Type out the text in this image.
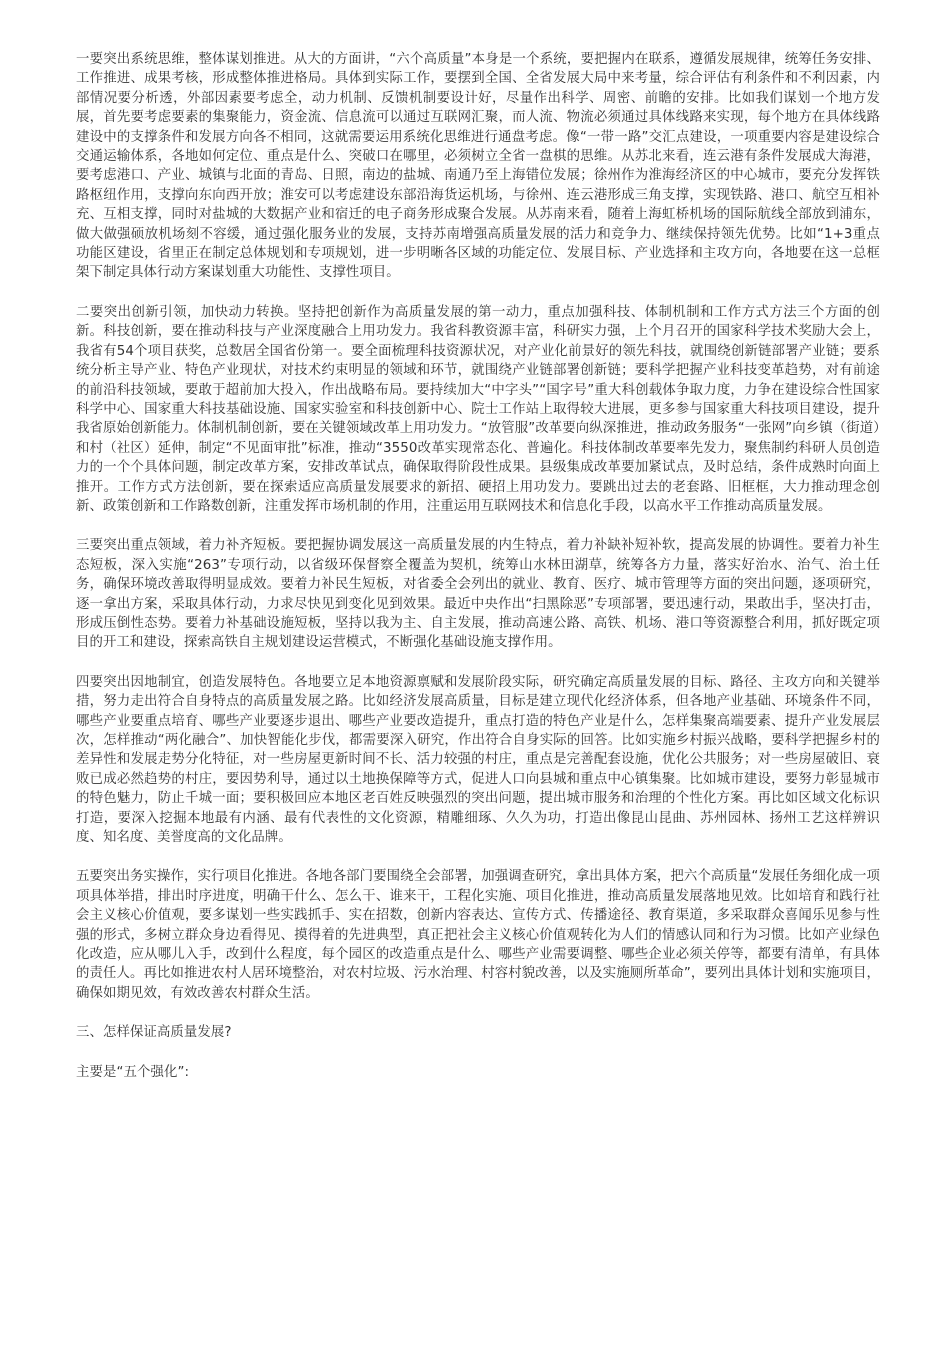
一要突出系统思维，整体谋划推进。从大的方面讲，“六个高质量”本身是一个系统，要把握内在联系，遵循发展规律，统筹任务安排、工作推进、成果考核，形成整体推进格局。具体到实际工作，要摆到全国、全省发展大局中来考量，综合评估有利条件和不利因素，内部情况要分析透，外部因素要考虑全，动力机制、反馈机制要设计好，尽量作出科学、周密、前瞻的安排。比如我们谋划一个地方发展，首先要考虑要素的集聚能力，资金流、信息流可以通过互联网汇聚，而人流、物流必须通过具体线路来实现，每个地方在具体线路建设中的支撑条件和发展方向各不相同，这就需要运用系统化思维进行通盘考虑。像“一带一路”交汇点建设，一项重要内容是建设综合交通运输体系，各地如何定位、重点是什么、突破口在哪里，必须树立全省一盘棋的思维。从苏北来看，连云港有条件发展成大海港，要考虑港口、产业、城镇与北面的青岛、日照，南边的盐城、南通乃至上海错位发展；徐州作为淮海经济区的中心城市，要充分发挥铁路枢纽作用，支撑向东向西开放；淮安可以考虑建设东部沿海货运机场，与徐州、连云港形成三角支撑，实现铁路、港口、航空互相补充、互相支撑，同时对盐城的大数据产业和宿迁的电子商务形成聚合发展。从苏南来看，随着上海虹桥机场的国际航线全部放到浦东，做大做强硕放机场刻不容缓，通过强化服务业的发展，支持苏南增强高质量发展的活力和竞争力、继续保持领先优势。比如“1+3重点功能区建设，省里正在制定总体规划和专项规划，进一步明晰各区域的功能定位、发展目标、产业选择和主攻方向，各地要在这一总框架下制定具体行动方案谋划重大功能性、支撑性项目。

二要突出创新引领，加快动力转换。坚持把创新作为高质量发展的第一动力，重点加强科技、体制机制和工作方式方法三个方面的创新。科技创新，要在推动科技与产业深度融合上用功发力。我省科教资源丰富，科研实力强，上个月召开的国家科学技术奖励大会上，我省有54个项目获奖，总数居全国省份第一。要全面梳理科技资源状况，对产业化前景好的领先科技，就围绕创新链部署产业链；要系统分析主导产业、特色产业现状，对技术约束明显的领域和环节，就围绕产业链部署创新链；要科学把握产业科技变革趋势，对有前途的前沿科技领域，要敢于超前加大投入，作出战略布局。要持续加大“中字头”“国字号”重大科创载体争取力度，力争在建设综合性国家科学中心、国家重大科技基础设施、国家实验室和科技创新中心、院士工作站上取得较大进展，更多参与国家重大科技项目建设，提升我省原始创新能力。体制机制创新，要在关键领域改革上用功发力。“放管服”改革要向纵深推进，推动政务服务“一张网”向乡镇（街道）和村（社区）延伸，制定“不见面审批”标准，推动“3550改革实现常态化、普遍化。科技体制改革要率先发力，聚焦制约科研人员创造力的一个个具体问题，制定改革方案，安排改革试点，确保取得阶段性成果。县级集成改革要加紧试点，及时总结，条件成熟时向面上推开。工作方式方法创新，要在探索适应高质量发展要求的新招、硬招上用功发力。要跳出过去的老套路、旧框框，大力推动理念创新、政策创新和工作路数创新，注重发挥市场机制的作用，注重运用互联网技术和信息化手段，以高水平工作推动高质量发展。

三要突出重点领域，着力补齐短板。要把握协调发展这一高质量发展的内生特点，着力补缺补短补软，提高发展的协调性。要着力补生态短板，深入实施“263”专项行动，以省级环保督察全覆盖为契机，统筹山水林田湖草，统筹各方力量，落实好治水、治气、治土任务，确保环境改善取得明显成效。要着力补民生短板，对省委全会列出的就业、教育、医疗、城市管理等方面的突出问题，逐项研究，逐一拿出方案，采取具体行动，力求尽快见到变化见到效果。最近中央作出“扫黑除恶”专项部署，要迅速行动，果敢出手，坚决打击，形成压倒性态势。要着力补基础设施短板，坚持以我为主、自主发展，推动高速公路、高铁、机场、港口等资源整合利用，抓好既定项目的开工和建设，探索高铁自主规划建设运营模式，不断强化基础设施支撑作用。

四要突出因地制宜，创造发展特色。各地要立足本地资源禀赋和发展阶段实际，研究确定高质量发展的目标、路径、主攻方向和关键举措，努力走出符合自身特点的高质量发展之路。比如经济发展高质量，目标是建立现代化经济体系，但各地产业基础、环境条件不同，哪些产业要重点培育、哪些产业要逐步退出、哪些产业要改造提升，重点打造的特色产业是什么，怎样集聚高端要素、提升产业发展层次，怎样推动“两化融合”、加快智能化步伐，都需要深入研究，作出符合自身实际的回答。比如实施乡村振兴战略，要科学把握乡村的差异性和发展走势分化特征，对一些房屋更新时间不长、活力较强的村庄，重点是完善配套设施，优化公共服务；对一些房屋破旧、衰败已成必然趋势的村庄，要因势利导，通过以土地换保障等方式，促进人口向县城和重点中心镇集聚。比如城市建设，要努力彰显城市的特色魅力，防止千城一面；要积极回应本地区老百姓反映强烈的突出问题，提出城市服务和治理的个性化方案。再比如区域文化标识打造，要深入挖掘本地最有内涵、最有代表性的文化资源，精雕细琢、久久为功，打造出像昆山昆曲、苏州园林、扬州工艺这样辨识度、知名度、美誉度高的文化品牌。

五要突出务实操作，实行项目化推进。各地各部门要围绕全会部署，加强调查研究，拿出具体方案，把六个高质量“发展任务细化成一项项具体举措，排出时序进度，明确干什么、怎么干、谁来干，工程化实施、项目化推进，推动高质量发展落地见效。比如培育和践行社会主义核心价值观，要多谋划一些实践抓手、实在招数，创新内容表达、宣传方式、传播途径、教育渠道，多采取群众喜闻乐见参与性强的形式，多树立群众身边看得见、摸得着的先进典型，真正把社会主义核心价值观转化为人们的情感认同和行为习惯。比如产业绿色化改造，应从哪儿入手，改到什么程度，每个园区的改造重点是什么、哪些产业需要调整、哪些企业必须关停等，都要有清单，有具体的责任人。再比如推进农村人居环境整治，对农村垃圾、污水治理、村容村貌改善，以及实施厕所革命”，要列出具体计划和实施项目，确保如期见效，有效改善农村群众生活。

三、怎样保证高质量发展?

主要是“五个强化”:
